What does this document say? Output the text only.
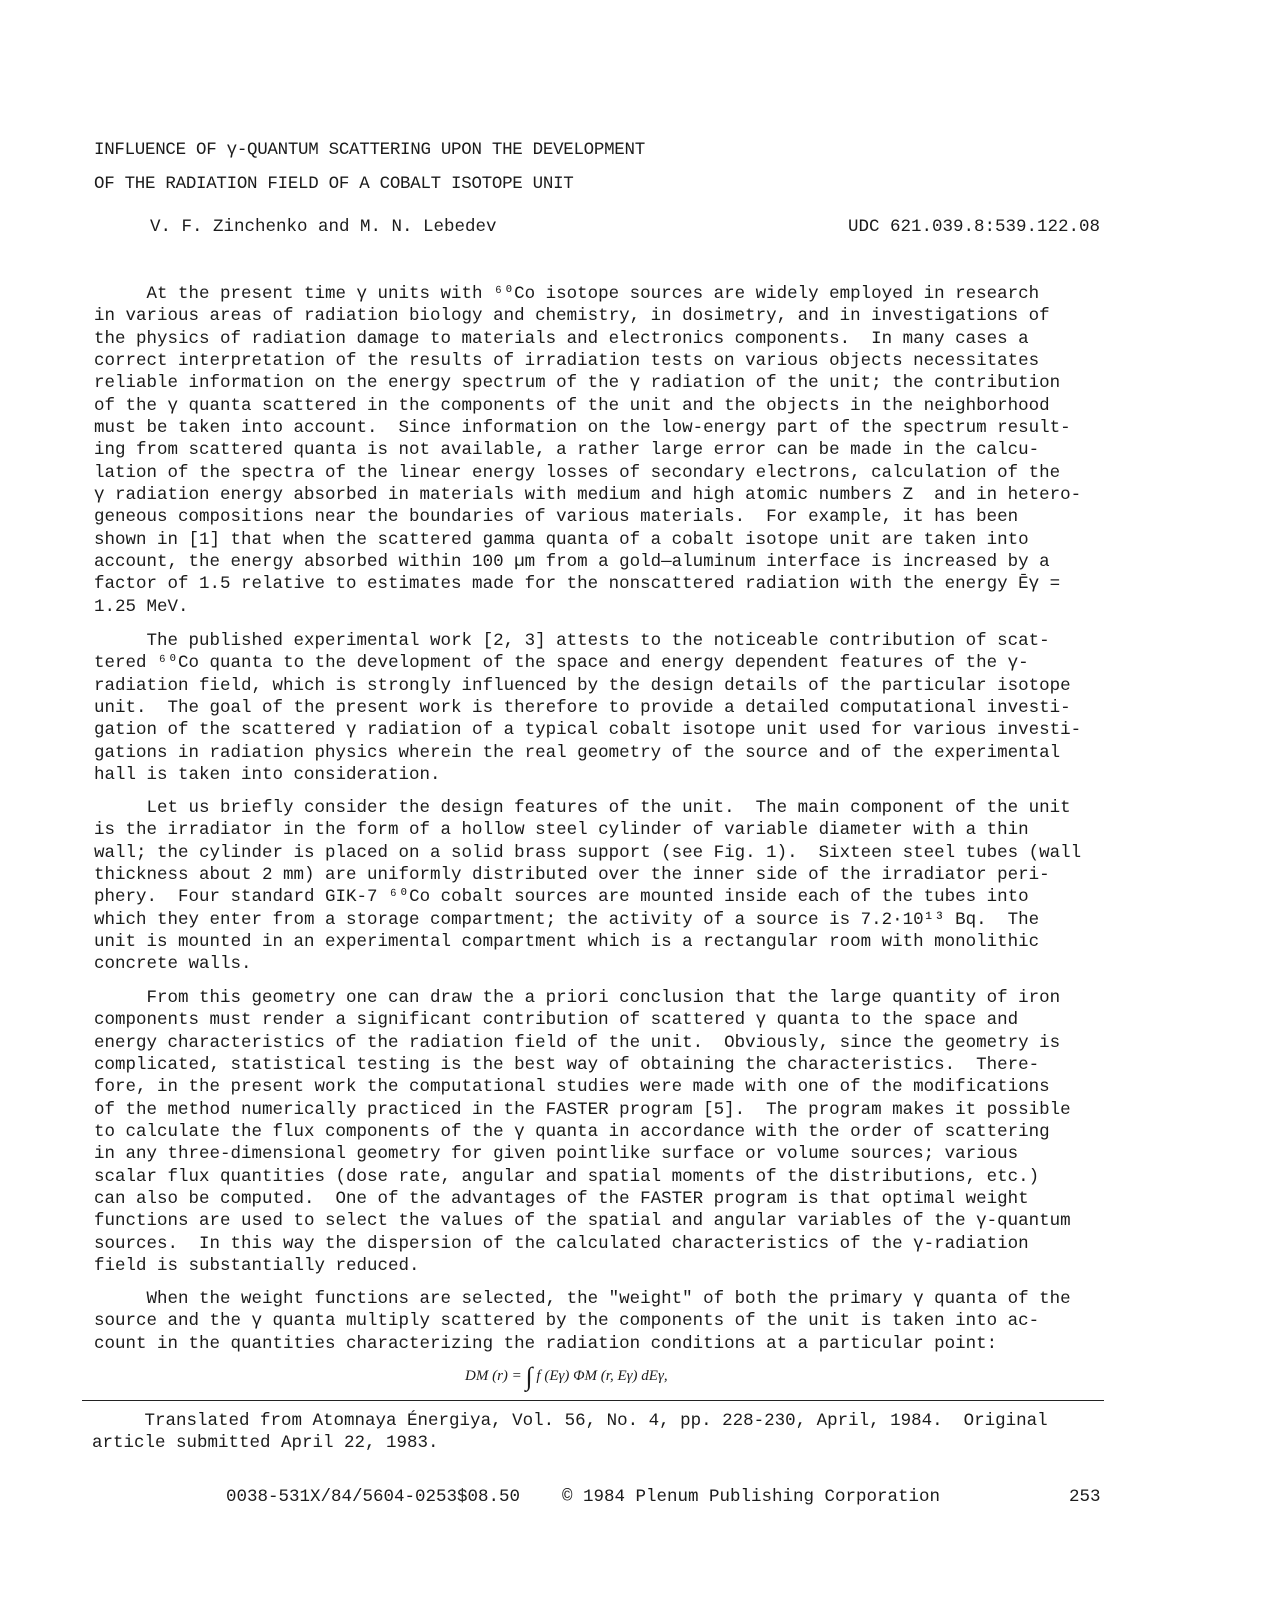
INFLUENCE OF γ-QUANTUM SCATTERING UPON THE DEVELOPMENT
OF THE RADIATION FIELD OF A COBALT ISOTOPE UNIT
V. F. Zinchenko and M. N. Lebedev	UDC 621.039.8:539.122.08
At the present time γ units with ⁶⁰Co isotope sources are widely employed in research
in various areas of radiation biology and chemistry, in dosimetry, and in investigations of
the physics of radiation damage to materials and electronics components.  In many cases a
correct interpretation of the results of irradiation tests on various objects necessitates
reliable information on the energy spectrum of the γ radiation of the unit; the contribution
of the γ quanta scattered in the components of the unit and the objects in the neighborhood
must be taken into account.  Since information on the low-energy part of the spectrum result-
ing from scattered quanta is not available, a rather large error can be made in the calcu-
lation of the spectra of the linear energy losses of secondary electrons, calculation of the
γ radiation energy absorbed in materials with medium and high atomic numbers Z  and in hetero-
geneous compositions near the boundaries of various materials.  For example, it has been
shown in [1] that when the scattered gamma quanta of a cobalt isotope unit are taken into
account, the energy absorbed within 100 µm from a gold—aluminum interface is increased by a
factor of 1.5 relative to estimates made for the nonscattered radiation with the energy Ēγ =
1.25 MeV.
The published experimental work [2, 3] attests to the noticeable contribution of scat-
tered ⁶⁰Co quanta to the development of the space and energy dependent features of the γ-
radiation field, which is strongly influenced by the design details of the particular isotope
unit.  The goal of the present work is therefore to provide a detailed computational investi-
gation of the scattered γ radiation of a typical cobalt isotope unit used for various investi-
gations in radiation physics wherein the real geometry of the source and of the experimental
hall is taken into consideration.
Let us briefly consider the design features of the unit.  The main component of the unit
is the irradiator in the form of a hollow steel cylinder of variable diameter with a thin
wall; the cylinder is placed on a solid brass support (see Fig. 1).  Sixteen steel tubes (wall
thickness about 2 mm) are uniformly distributed over the inner side of the irradiator peri-
phery.  Four standard GIK-7 ⁶⁰Co cobalt sources are mounted inside each of the tubes into
which they enter from a storage compartment; the activity of a source is 7.2·10¹³ Bq.  The
unit is mounted in an experimental compartment which is a rectangular room with monolithic
concrete walls.
From this geometry one can draw the a priori conclusion that the large quantity of iron
components must render a significant contribution of scattered γ quanta to the space and
energy characteristics of the radiation field of the unit.  Obviously, since the geometry is
complicated, statistical testing is the best way of obtaining the characteristics.  There-
fore, in the present work the computational studies were made with one of the modifications
of the method numerically practiced in the FASTER program [5].  The program makes it possible
to calculate the flux components of the γ quanta in accordance with the order of scattering
in any three-dimensional geometry for given pointlike surface or volume sources; various
scalar flux quantities (dose rate, angular and spatial moments of the distributions, etc.)
can also be computed.  One of the advantages of the FASTER program is that optimal weight
functions are used to select the values of the spatial and angular variables of the γ-quantum
sources.  In this way the dispersion of the calculated characteristics of the γ-radiation
field is substantially reduced.
When the weight functions are selected, the "weight" of both the primary γ quanta of the
source and the γ quanta multiply scattered by the components of the unit is taken into ac-
count in the quantities characterizing the radiation conditions at a particular point:
DM (r) = ∫ f (Eγ) ΦM (r, Eγ) dEγ,
Translated from Atomnaya Énergiya, Vol. 56, No. 4, pp. 228-230, April, 1984.  Original
article submitted April 22, 1983.
0038-531X/84/5604-0253$08.50 © 1984 Plenum Publishing Corporation	253
